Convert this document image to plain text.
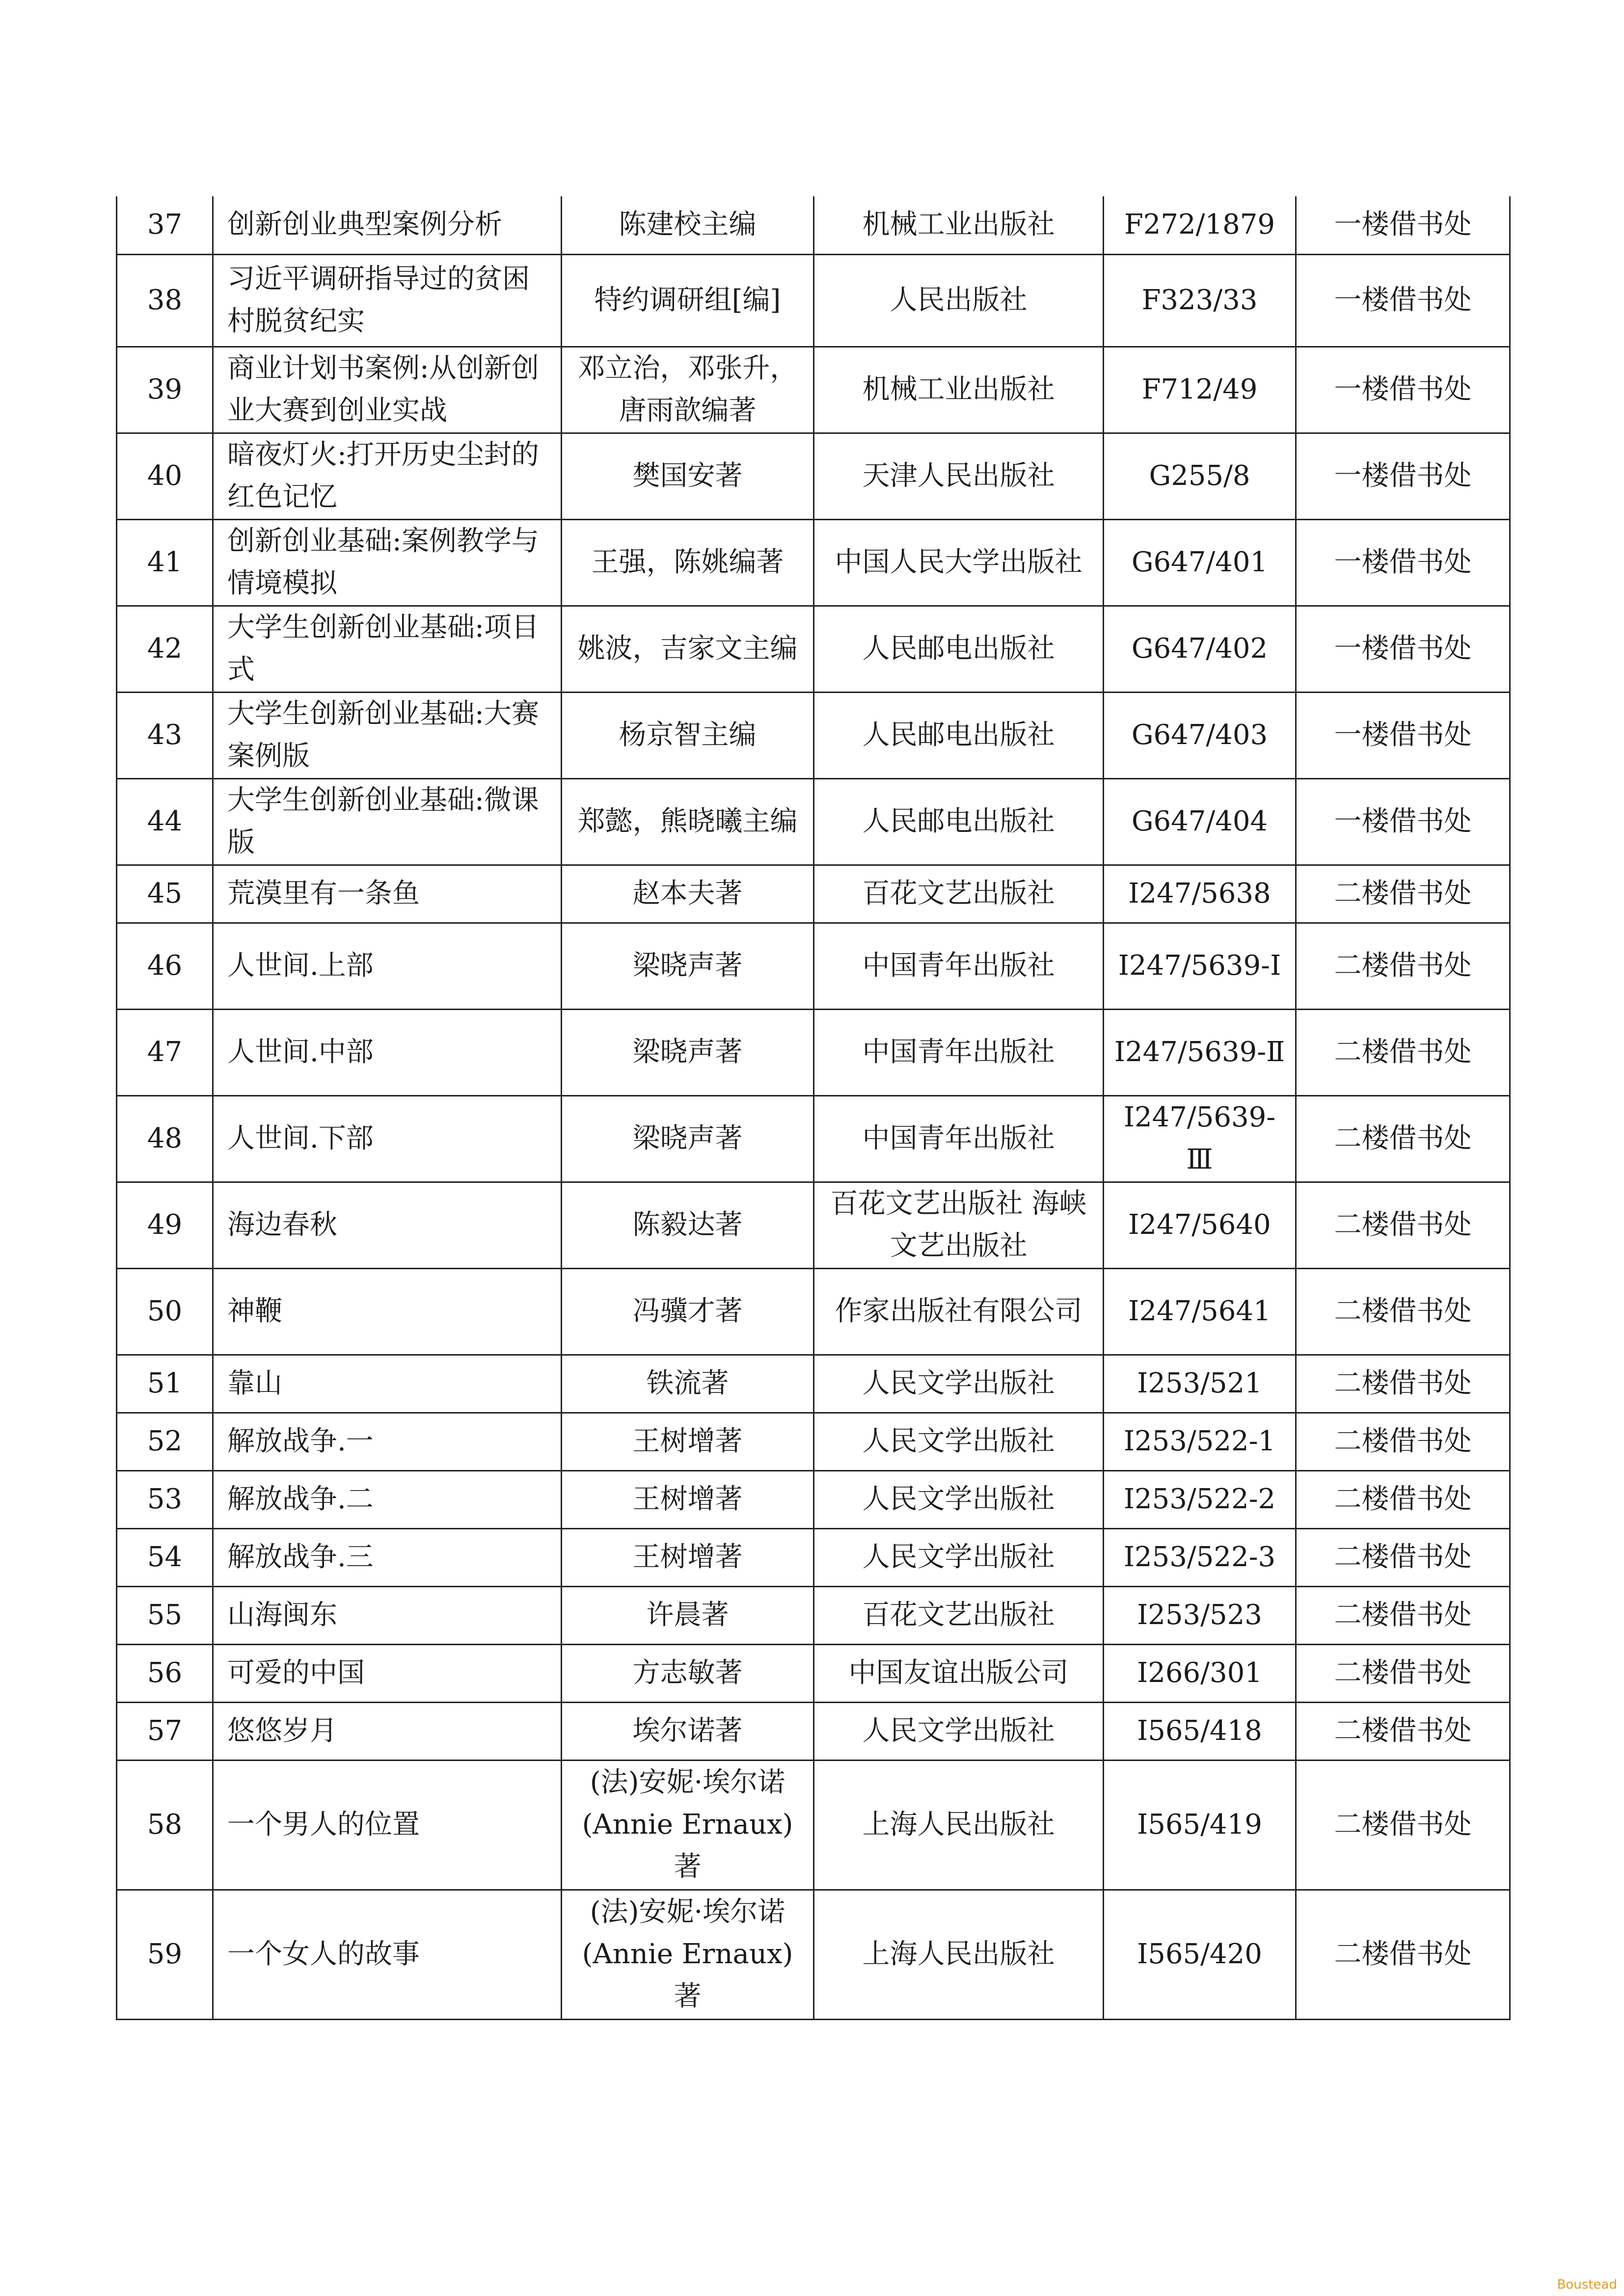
37	创新创业典型案例分析	陈建校主编	机械工业出版社	F272/1879	一楼借书处
38	习近平调研指导过的贫困村脱贫纪实	特约调研组[编]	人民出版社	F323/33	一楼借书处
39	商业计划书案例:从创新创业大赛到创业实战	邓立治，邓张升，唐雨歆编著	机械工业出版社	F712/49	一楼借书处
40	暗夜灯火:打开历史尘封的红色记忆	樊国安著	天津人民出版社	G255/8	一楼借书处
41	创新创业基础:案例教学与情境模拟	王强，陈姚编著	中国人民大学出版社	G647/401	一楼借书处
42	大学生创新创业基础:项目式	姚波，吉家文主编	人民邮电出版社	G647/402	一楼借书处
43	大学生创新创业基础:大赛案例版	杨京智主编	人民邮电出版社	G647/403	一楼借书处
44	大学生创新创业基础:微课版	郑懿，熊晓曦主编	人民邮电出版社	G647/404	一楼借书处
45	荒漠里有一条鱼	赵本夫著	百花文艺出版社	I247/5638	二楼借书处
46	人世间.上部	梁晓声著	中国青年出版社	I247/5639-Ⅰ	二楼借书处
47	人世间.中部	梁晓声著	中国青年出版社	I247/5639-Ⅱ	二楼借书处
48	人世间.下部	梁晓声著	中国青年出版社	I247/5639-Ⅲ	二楼借书处
49	海边春秋	陈毅达著	百花文艺出版社 海峡文艺出版社	I247/5640	二楼借书处
50	神鞭	冯骥才著	作家出版社有限公司	I247/5641	二楼借书处
51	靠山	铁流著	人民文学出版社	I253/521	二楼借书处
52	解放战争.一	王树增著	人民文学出版社	I253/522-1	二楼借书处
53	解放战争.二	王树增著	人民文学出版社	I253/522-2	二楼借书处
54	解放战争.三	王树增著	人民文学出版社	I253/522-3	二楼借书处
55	山海闽东	许晨著	百花文艺出版社	I253/523	二楼借书处
56	可爱的中国	方志敏著	中国友谊出版公司	I266/301	二楼借书处
57	悠悠岁月	埃尔诺著	人民文学出版社	I565/418	二楼借书处
58	一个男人的位置	(法)安妮·埃尔诺(Annie Ernaux)著	上海人民出版社	I565/419	二楼借书处
59	一个女人的故事	(法)安妮·埃尔诺(Annie Ernaux)著	上海人民出版社	I565/420	二楼借书处
Boustead
